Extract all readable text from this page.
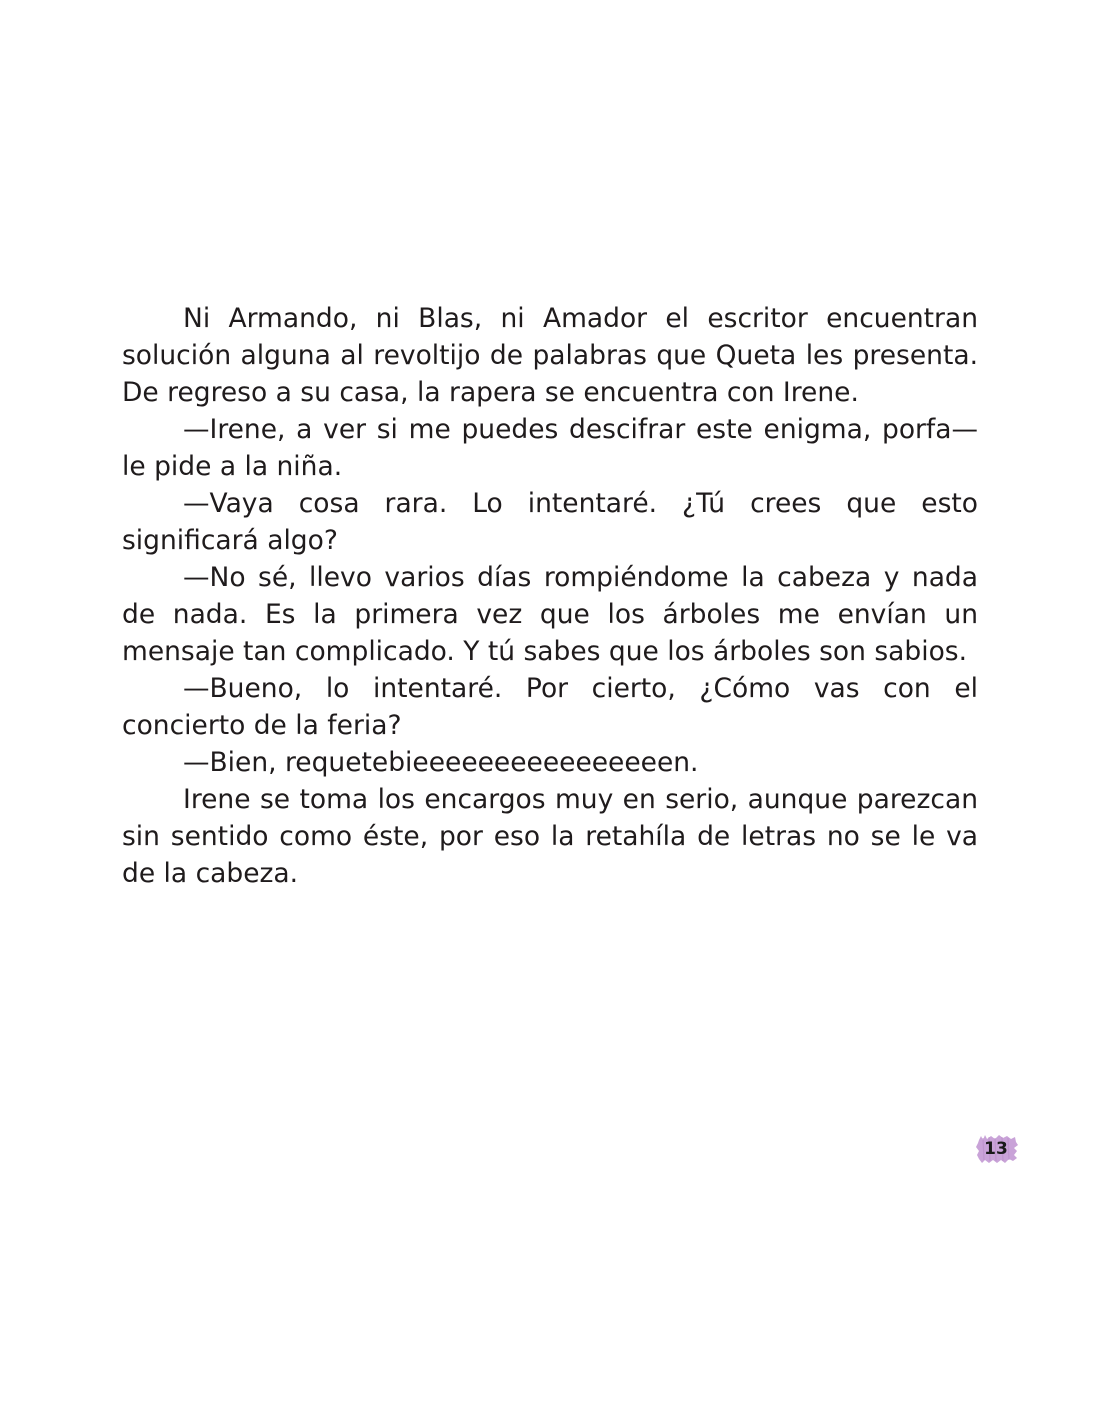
Ni Armando, ni Blas, ni Amador el escritor encuentran solución alguna al revoltijo de palabras que Queta les presenta. De regreso a su casa, la rapera se encuentra con Irene.

—Irene, a ver si me puedes descifrar este enigma, porfa— le pide a la niña.

—Vaya cosa rara. Lo intentaré. ¿Tú crees que esto significará algo?

—No sé, llevo varios días rompiéndome la cabeza y nada de nada. Es la primera vez que los árboles me envían un mensaje tan complicado. Y tú sabes que los árboles son sabios.

—Bueno, lo intentaré. Por cierto, ¿Cómo vas con el concierto de la feria?

—Bien, requetebieeeeeeeeeeeeeeeen.

Irene se toma los encargos muy en serio, aunque parezcan sin sentido como éste, por eso la retahíla de letras no se le va de la cabeza.

13
